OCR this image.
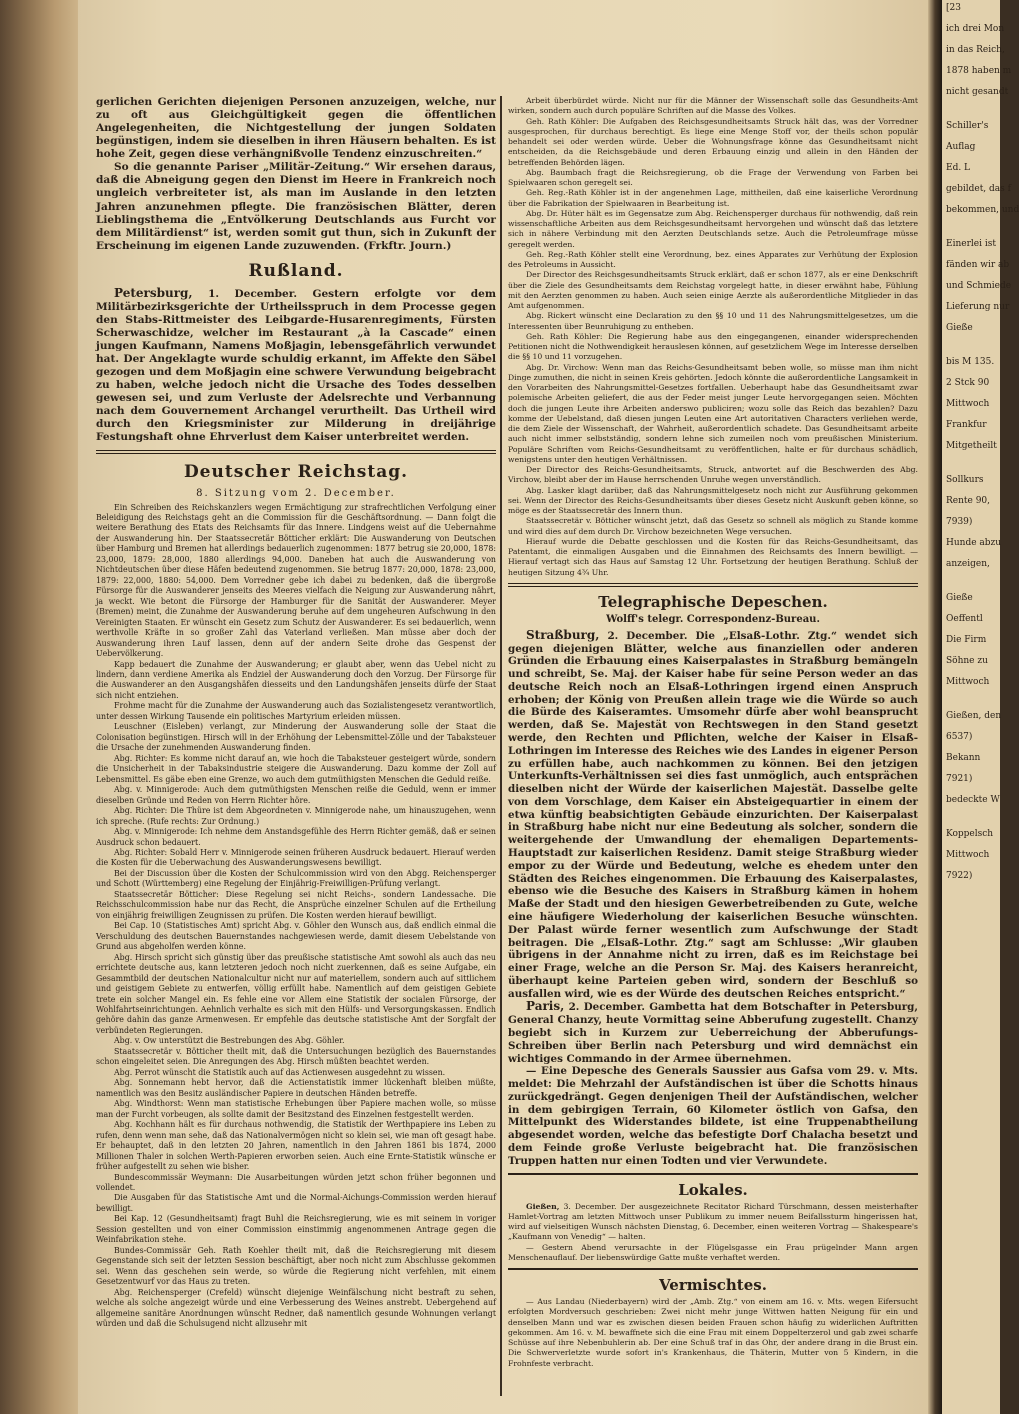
[23
ich drei Mon
in das Reich,
1878 haben m
nicht gesandt
Schiller's
Auflag
Ed. L
gebildet, das f
bekommen, und
Einerlei ist
fänden wir ab
und Schmiede
Lieferung nur
Gieße
bis M 135.
2 Stck 90
Mittwoch
Frankfur
Mitgetheilt
Sollkurs
Rente 90,
7939)
Hunde abzu
anzeigen,
Gieße
Oeffentl
Die Firm
Söhne zu
Mittwoch
Gießen, den
6537)
Bekann
7921)
bedeckte W
Koppelsch
Mittwoch
7922)

gerlichen Gerichten diejenigen Personen anzuzeigen, welche, nur zu oft aus Gleichgültigkeit gegen die öffentlichen Angelegenheiten, die Nichtgestellung der jungen Soldaten begünstigen, indem sie dieselben in ihren Häusern behalten. Es ist hohe Zeit, gegen diese verhängnißvolle Tendenz einzuschreiten.“

So die genannte Pariser „Militär-Zeitung.“ Wir ersehen daraus, daß die Abneigung gegen den Dienst im Heere in Frankreich noch ungleich verbreiteter ist, als man im Auslande in den letzten Jahren anzunehmen pflegte. Die französischen Blätter, deren Lieblingsthema die „Entvölkerung Deutschlands aus Furcht vor dem Militärdienst“ ist, werden somit gut thun, sich in Zukunft der Erscheinung im eigenen Lande zuzuwenden. (Frkftr. Journ.)

Rußland.

Petersburg, 1. December. Gestern erfolgte vor dem Militärbezirksgerichte der Urtheilsspruch in dem Processe gegen den Stabs-Rittmeister des Leibgarde-Husarenregiments, Fürsten Scherwaschidze, welcher im Restaurant „à la Cascade“ einen jungen Kaufmann, Namens Moßjagin, lebensgefährlich verwundet hat. Der Angeklagte wurde schuldig erkannt, im Affekte den Säbel gezogen und dem Moßjagin eine schwere Verwundung beigebracht zu haben, welche jedoch nicht die Ursache des Todes desselben gewesen sei, und zum Verluste der Adelsrechte und Verbannung nach dem Gouvernement Archangel verurtheilt. Das Urtheil wird durch den Kriegsminister zur Milderung in dreijährige Festungshaft ohne Ehrverlust dem Kaiser unterbreitet werden.

Deutscher Reichstag.
8. Sitzung vom 2. December.

Ein Schreiben des Reichskanzlers wegen Ermächtigung zur strafrechtlichen Verfolgung einer Beleidigung des Reichstags geht an die Commission für die Geschäftsordnung. — Dann folgt die weitere Berathung des Etats des Reichsamts für das Innere. Lindgens weist auf die Uebernahme der Auswanderung hin. Der Staatssecretär Bötticher erklärt: Die Auswanderung von Deutschen über Hamburg und Bremen hat allerdings bedauerlich zugenommen: 1877 betrug sie 20,000, 1878: 23,000, 1879: 28,000, 1880 allerdings 94,000. Daneben hat auch die Auswanderung von Nichtdeutschen über diese Häfen bedeutend zugenommen. Sie betrug 1877: 20,000, 1878: 23,000, 1879: 22,000, 1880: 54,000. Dem Vorredner gebe ich dabei zu bedenken, daß die übergroße Fürsorge für die Auswanderer jenseits des Meeres vielfach die Neigung zur Auswanderung nährt, ja weckt. Wie betont die Fürsorge der Hamburger für die Sanität der Auswanderer. Meyer (Bremen) meint, die Zunahme der Auswanderung beruhe auf dem ungeheuren Aufschwung in den Vereinigten Staaten. Er wünscht ein Gesetz zum Schutz der Auswanderer. Es sei bedauerlich, wenn werthvolle Kräfte in so großer Zahl das Vaterland verließen. Man müsse aber doch der Auswanderung ihren Lauf lassen, denn auf der andern Seite drohe das Gespenst der Uebervölkerung.

Kapp bedauert die Zunahme der Auswanderung; er glaubt aber, wenn das Uebel nicht zu lindern, dann verdiene Amerika als Endziel der Auswanderung doch den Vorzug. Der Fürsorge für die Auswanderer an den Ausgangshäfen diesseits und den Landungshäfen jenseits dürfe der Staat sich nicht entziehen.

Frohme macht für die Zunahme der Auswanderung auch das Sozialistengesetz verantwortlich, unter dessen Wirkung Tausende ein politisches Martyrium erleiden müssen.

Leuschner (Eisleben) verlangt, zur Minderung der Auswanderung solle der Staat die Colonisation begünstigen. Hirsch will in der Erhöhung der Lebensmittel-Zölle und der Tabaksteuer die Ursache der zunehmenden Auswanderung finden.

Abg. Richter: Es komme nicht darauf an, wie hoch die Tabaksteuer gesteigert würde, sondern die Unsicherheit in der Tabaksindustrie steigere die Auswanderung. Dazu komme der Zoll auf Lebensmittel. Es gäbe eben eine Grenze, wo auch dem gutmüthigsten Menschen die Geduld reiße.

Abg. v. Minnigerode: Auch dem gutmüthigsten Menschen reiße die Geduld, wenn er immer dieselben Gründe und Reden von Herrn Richter höre.

Abg. Richter: Die Thüre ist dem Abgeordneten v. Minnigerode nahe, um hinauszugehen, wenn ich spreche. (Rufe rechts: Zur Ordnung.)

Abg. v. Minnigerode: Ich nehme dem Anstandsgefühle des Herrn Richter gemäß, daß er seinen Ausdruck schon bedauert.

Abg. Richter: Sobald Herr v. Minnigerode seinen früheren Ausdruck bedauert. Hierauf werden die Kosten für die Ueberwachung des Auswanderungswesens bewilligt.

Bei der Discussion über die Kosten der Schulcommission wird von den Abgg. Reichensperger und Schott (Württemberg) eine Regelung der Einjährig-Freiwilligen-Prüfung verlangt.

Staatssecretär Bötticher: Diese Regelung sei nicht Reichs-, sondern Landessache. Die Reichsschulcommission habe nur das Recht, die Ansprüche einzelner Schulen auf die Ertheilung von einjährig freiwilligen Zeugnissen zu prüfen. Die Kosten werden hierauf bewilligt.

Bei Cap. 10 (Statistisches Amt) spricht Abg. v. Göhler den Wunsch aus, daß endlich einmal die Verschuldung des deutschen Bauernstandes nachgewiesen werde, damit diesem Uebelstande von Grund aus abgeholfen werden könne.

Abg. Hirsch spricht sich günstig über das preußische statistische Amt sowohl als auch das neu errichtete deutsche aus, kann letzteren jedoch noch nicht zuerkennen, daß es seine Aufgabe, ein Gesammtbild der deutschen Nationalcultur nicht nur auf materiellem, sondern auch auf sittlichem und geistigem Gebiete zu entwerfen, völlig erfüllt habe. Namentlich auf dem geistigen Gebiete trete ein solcher Mangel ein. Es fehle eine vor Allem eine Statistik der socialen Fürsorge, der Wohlfahrtseinrichtungen. Aehnlich verhalte es sich mit den Hülfs- und Versorgungskassen. Endlich gehöre dahin das ganze Armenwesen. Er empfehle das deutsche statistische Amt der Sorgfalt der verbündeten Regierungen.

Abg. v. Ow unterstützt die Bestrebungen des Abg. Göhler.

Staatssecretär v. Bötticher theilt mit, daß die Untersuchungen bezüglich des Bauernstandes schon eingeleitet seien. Die Anregungen des Abg. Hirsch müßten beachtet werden.

Abg. Perrot wünscht die Statistik auch auf das Actienwesen ausgedehnt zu wissen.

Abg. Sonnemann hebt hervor, daß die Actienstatistik immer lückenhaft bleiben müßte, namentlich was den Besitz ausländischer Papiere in deutschen Händen betreffe.

Abg. Windthorst: Wenn man statistische Erhebungen über Papiere machen wolle, so müsse man der Furcht vorbeugen, als sollte damit der Besitzstand des Einzelnen festgestellt werden.

Abg. Kochhann hält es für durchaus nothwendig, die Statistik der Werthpapiere ins Leben zu rufen, denn wenn man sehe, daß das Nationalvermögen nicht so klein sei, wie man oft gesagt habe. Er behauptet, daß in den letzten 20 Jahren, namentlich in den Jahren 1861 bis 1874, 2000 Millionen Thaler in solchen Werth-Papieren erworben seien. Auch eine Ernte-Statistik wünsche er früher aufgestellt zu sehen wie bisher.

Bundescommissär Weymann: Die Ausarbeitungen würden jetzt schon früher begonnen und vollendet.

Die Ausgaben für das Statistische Amt und die Normal-Aichungs-Commission werden hierauf bewilligt.

Bei Kap. 12 (Gesundheitsamt) fragt Buhl die Reichsregierung, wie es mit seinem in voriger Session gestellten und von einer Commission einstimmig angenommenen Antrage gegen die Weinfabrikation stehe.

Bundes-Commissär Geh. Rath Koehler theilt mit, daß die Reichsregierung mit diesem Gegenstande sich seit der letzten Session beschäftigt, aber noch nicht zum Abschlusse gekommen sei. Wenn das geschehen sein werde, so würde die Regierung nicht verfehlen, mit einem Gesetzentwurf vor das Haus zu treten.

Abg. Reichensperger (Crefeld) wünscht diejenige Weinfälschung nicht bestraft zu sehen, welche als solche angezeigt würde und eine Verbesserung des Weines anstrebt. Uebergehend auf allgemeine sanitäre Anordnungen wünscht Redner, daß namentlich gesunde Wohnungen verlangt würden und daß die Schulsugend nicht allzusehr mit

Arbeit überbürdet würde. Nicht nur für die Männer der Wissenschaft solle das Gesundheits-Amt wirken, sondern auch durch populäre Schriften auf die Masse des Volkes.

Geh. Rath Köhler: Die Aufgaben des Reichsgesundheitsamts Struck hält das, was der Vorredner ausgesprochen, für durchaus berechtigt. Es liege eine Menge Stoff vor, der theils schon populär behandelt sei oder werden würde. Ueber die Wohnungsfrage könne das Gesundheitsamt nicht entscheiden, da die Reichsgebäude und deren Erbauung einzig und allein in den Händen der betreffenden Behörden lägen.

Abg. Baumbach fragt die Reichsregierung, ob die Frage der Verwendung von Farben bei Spielwaaren schon geregelt sei.

Geh. Reg.-Rath Köhler ist in der angenehmen Lage, mittheilen, daß eine kaiserliche Verordnung über die Fabrikation der Spielwaaren in Bearbeitung ist.

Abg. Dr. Hüter hält es im Gegensatze zum Abg. Reichensperger durchaus für nothwendig, daß rein wissenschaftliche Arbeiten aus dem Reichsgesundheitsamt hervorgehen und wünscht daß das letztere sich in nähere Verbindung mit den Aerzten Deutschlands setze. Auch die Petroleumfrage müsse geregelt werden.

Geh. Reg.-Rath Köhler stellt eine Verordnung, bez. eines Apparates zur Verhütung der Explosion des Petroleums in Aussicht.

Der Director des Reichsgesundheitsamts Struck erklärt, daß er schon 1877, als er eine Denkschrift über die Ziele des Gesundheitsamts dem Reichstag vorgelegt hatte, in dieser erwähnt habe, Fühlung mit den Aerzten genommen zu haben. Auch seien einige Aerzte als außerordentliche Mitglieder in das Amt aufgenommen.

Abg. Rickert wünscht eine Declaration zu den §§ 10 und 11 des Nahrungsmittelgesetzes, um die Interessenten über Beunruhigung zu entheben.

Geh. Rath Köhler: Die Regierung habe aus den eingegangenen, einander widersprechenden Petitionen nicht die Nothwendigkeit herauslesen können, auf gesetzlichem Wege im Interesse derselben die §§ 10 und 11 vorzugehen.

Abg. Dr. Virchow: Wenn man das Reichs-Gesundheitsamt beben wolle, so müsse man ihm nicht Dinge zumuthen, die nicht in seinen Kreis gehörten. Jedoch könnte die außerordentliche Langsamkeit in den Vorarbeiten des Nahrungsmittel-Gesetzes fortfallen. Ueberhaupt habe das Gesundheitsamt zwar polemische Arbeiten geliefert, die aus der Feder meist junger Leute hervorgegangen seien. Möchten doch die jungen Leute ihre Arbeiten anderswo publiciren; wozu solle das Reich das bezahlen? Dazu komme der Uebelstand, daß diesen jungen Leuten eine Art autoritativen Characters verliehen werde, die dem Ziele der Wissenschaft, der Wahrheit, außerordentlich schadete. Das Gesundheitsamt arbeite auch nicht immer selbstständig, sondern lehne sich zumeilen noch vom preußischen Ministerium. Populäre Schriften vom Reichs-Gesundheitsamt zu veröffentlichen, halte er für durchaus schädlich, wenigstens unter den heutigen Verhältnissen.

Der Director des Reichs-Gesundheitsamts, Struck, antwortet auf die Beschwerden des Abg. Virchow, bleibt aber der im Hause herrschenden Unruhe wegen unverständlich.

Abg. Lasker klagt darüber, daß das Nahrungsmittelgesetz noch nicht zur Ausführung gekommen sei. Wenn der Director des Reichs-Gesundheitsamts über dieses Gesetz nicht Auskunft geben könne, so möge es der Staatssecretär des Innern thun.

Staatssecretär v. Bötticher wünscht jetzt, daß das Gesetz so schnell als möglich zu Stande komme und wird dies auf dem durch Dr. Virchow bezeichneten Wege versuchen.

Hierauf wurde die Debatte geschlossen und die Kosten für das Reichs-Gesundheitsamt, das Patentamt, die einmaligen Ausgaben und die Einnahmen des Reichsamts des Innern bewilligt. — Hierauf vertagt sich das Haus auf Samstag 12 Uhr. Fortsetzung der heutigen Berathung. Schluß der heutigen Sitzung 4¾ Uhr.

Telegraphische Depeschen.
Wolff's telegr. Correspondenz-Bureau.

Straßburg, 2. December. Die „Elsaß-Lothr. Ztg.“ wendet sich gegen diejenigen Blätter, welche aus finanziellen oder anderen Gründen die Erbauung eines Kaiserpalastes in Straßburg bemängeln und schreibt, Se. Maj. der Kaiser habe für seine Person weder an das deutsche Reich noch an Elsaß-Lothringen irgend einen Anspruch erhoben; der König von Preußen allein trage wie die Würde so auch die Bürde des Kaiseramtes. Umsomehr dürfe aber wohl beansprucht werden, daß Se. Majestät von Rechtswegen in den Stand gesetzt werde, den Rechten und Pflichten, welche der Kaiser in Elsaß-Lothringen im Interesse des Reiches wie des Landes in eigener Person zu erfüllen habe, auch nachkommen zu können. Bei den jetzigen Unterkunfts-Verhältnissen sei dies fast unmöglich, auch entsprächen dieselben nicht der Würde der kaiserlichen Majestät. Dasselbe gelte von dem Vorschlage, dem Kaiser ein Absteigequartier in einem der etwa künftig beabsichtigten Gebäude einzurichten. Der Kaiserpalast in Straßburg habe nicht nur eine Bedeutung als solcher, sondern die weitergehende der Umwandlung der ehemaligen Departements-Hauptstadt zur kaiserlichen Residenz. Damit steige Straßburg wieder empor zu der Würde und Bedeutung, welche es ehedem unter den Städten des Reiches eingenommen. Die Erbauung des Kaiserpalastes, ebenso wie die Besuche des Kaisers in Straßburg kämen in hohem Maße der Stadt und den hiesigen Gewerbetreibenden zu Gute, welche eine häufigere Wiederholung der kaiserlichen Besuche wünschten. Der Palast würde ferner wesentlich zum Aufschwunge der Stadt beitragen. Die „Elsaß-Lothr. Ztg.“ sagt am Schlusse: „Wir glauben übrigens in der Annahme nicht zu irren, daß es im Reichstage bei einer Frage, welche an die Person Sr. Maj. des Kaisers heranreicht, überhaupt keine Parteien geben wird, sondern der Beschluß so ausfallen wird, wie es der Würde des deutschen Reiches entspricht.“

Paris, 2. December. Gambetta hat dem Botschafter in Petersburg, General Chanzy, heute Vormittag seine Abberufung zugestellt. Chanzy begiebt sich in Kurzem zur Ueberreichung der Abberufungs-Schreiben über Berlin nach Petersburg und wird demnächst ein wichtiges Commando in der Armee übernehmen.

— Eine Depesche des Generals Saussier aus Gafsa vom 29. v. Mts. meldet: Die Mehrzahl der Aufständischen ist über die Schotts hinaus zurückgedrängt. Gegen denjenigen Theil der Aufständischen, welcher in dem gebirgigen Terrain, 60 Kilometer östlich von Gafsa, den Mittelpunkt des Widerstandes bildete, ist eine Truppenabtheilung abgesendet worden, welche das befestigte Dorf Chalacha besetzt und dem Feinde große Verluste beigebracht hat. Die französischen Truppen hatten nur einen Todten und vier Verwundete.

Lokales.

Gießen, 3. December. Der ausgezeichnete Recitator Richard Türschmann, dessen meisterhafter Hamlet-Vortrag am letzten Mittwoch unser Publikum zu immer neuem Beifallssturm hingerissen hat, wird auf vielseitigen Wunsch nächsten Dienstag, 6. December, einen weiteren Vortrag — Shakespeare's „Kaufmann von Venedig“ — halten.

— Gestern Abend verursachte in der Flügelsgasse ein Frau prügelnder Mann argen Menschenauflauf. Der liebenswürdige Gatte mußte verhaftet werden.

Vermischtes.

— Aus Landau (Niederbayern) wird der „Amb. Ztg.“ von einem am 16. v. Mts. wegen Eifersucht erfolgten Mordversuch geschrieben: Zwei nicht mehr junge Wittwen hatten Neigung für ein und denselben Mann und war es zwischen diesen beiden Frauen schon häufig zu widerlichen Auftritten gekommen. Am 16. v. M. bewaffnete sich die eine Frau mit einem Doppelterzerol und gab zwei scharfe Schüsse auf ihre Nebenbuhlerin ab. Der eine Schuß traf in das Ohr, der andere drang in die Brust ein. Die Schwerverletzte wurde sofort in's Krankenhaus, die Thäterin, Mutter von 5 Kindern, in die Frohnfeste verbracht.
